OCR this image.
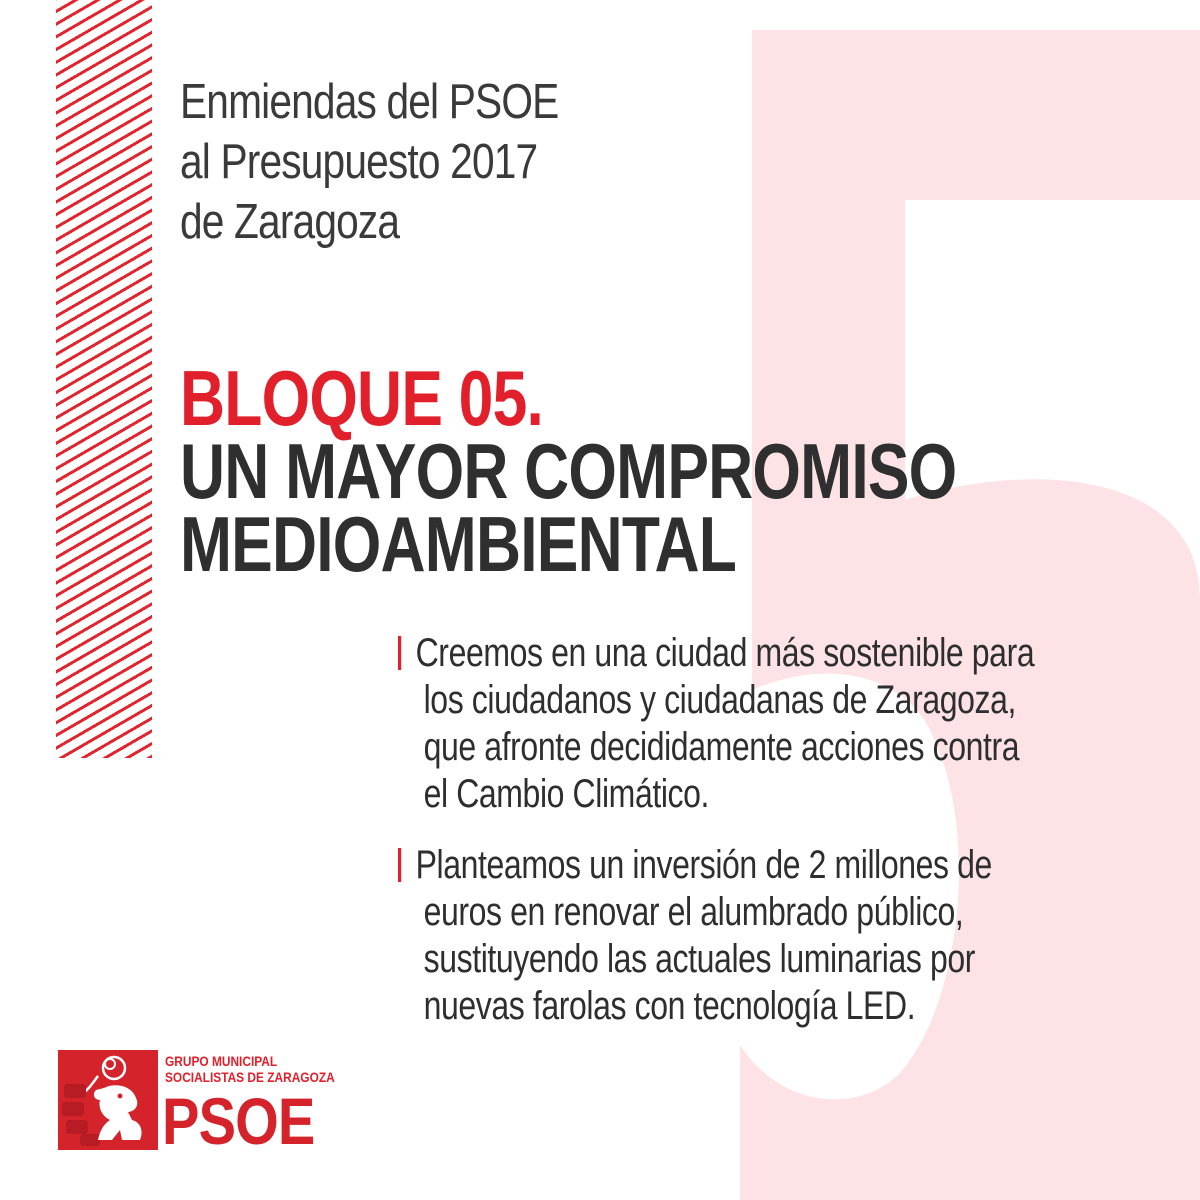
Enmiendas del PSOE
al Presupuesto 2017
de Zaragoza
BLOQUE 05.
UN MAYOR COMPROMISO
MEDIOAMBIENTAL
Creemos en una ciudad más sostenible para
los ciudadanos y ciudadanas de Zaragoza,
que afronte decididamente acciones contra
el Cambio Climático.
Planteamos un inversión de 2 millones de
euros en renovar el alumbrado público,
sustituyendo las actuales luminarias por
nuevas farolas con tecnología LED.
GRUPO MUNICIPAL
SOCIALISTAS DE ZARAGOZA
PSOE
